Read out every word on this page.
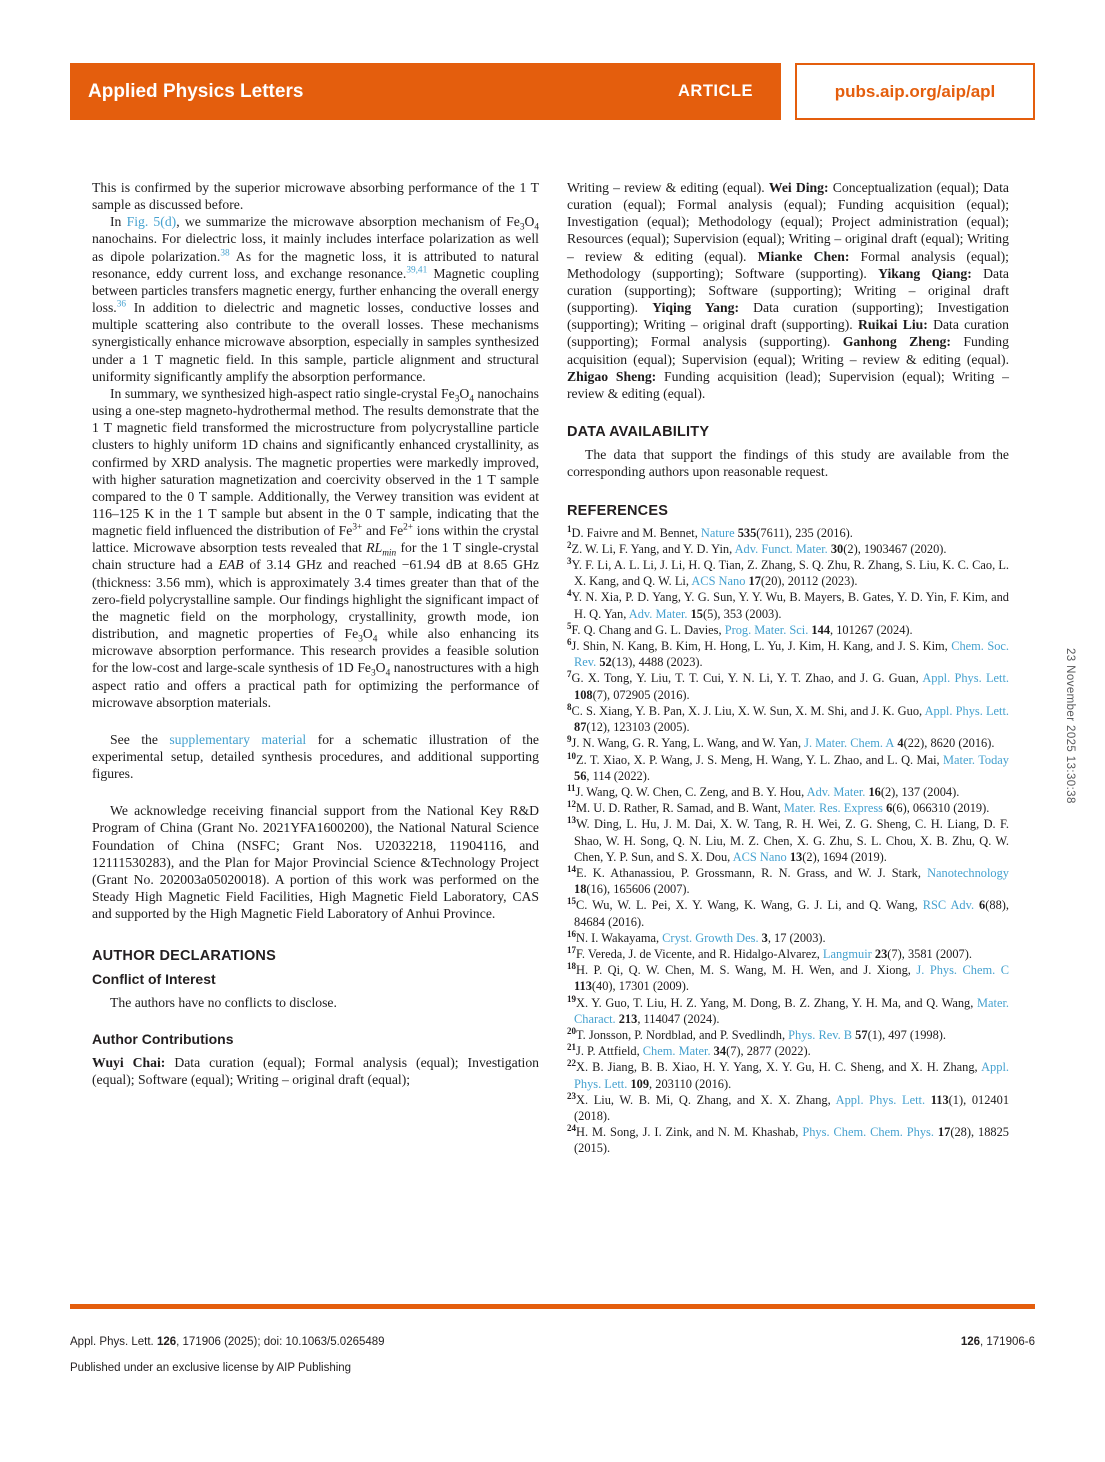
Applied Physics Letters	ARTICLE	pubs.aip.org/aip/apl

This is confirmed by the superior microwave absorbing performance of the 1 T sample as discussed before.

In Fig. 5(d), we summarize the microwave absorption mechanism of $Fe_3O_4$ nanochains. For dielectric loss, it mainly includes interface polarization as well as dipole polarization.$^{38}$ As for the magnetic loss, it is attributed to natural resonance, eddy current loss, and exchange resonance.$^{39,41}$ Magnetic coupling between particles transfers magnetic energy, further enhancing the overall energy loss.$^{36}$ In addition to dielectric and magnetic losses, conductive losses and multiple scattering also contribute to the overall losses. These mechanisms synergistically enhance microwave absorption, especially in samples synthesized under a 1 T magnetic field. In this sample, particle alignment and structural uniformity significantly amplify the absorption performance.

In summary, we synthesized high-aspect ratio single-crystal $Fe_3O_4$ nanochains using a one-step magneto-hydrothermal method. The results demonstrate that the 1 T magnetic field transformed the microstructure from polycrystalline particle clusters to highly uniform 1D chains and significantly enhanced crystallinity, as confirmed by XRD analysis. The magnetic properties were markedly improved, with higher saturation magnetization and coercivity observed in the 1 T sample compared to the 0 T sample. Additionally, the Verwey transition was evident at 116–125 K in the 1 T sample but absent in the 0 T sample, indicating that the magnetic field influenced the distribution of $Fe^{3+}$ and $Fe^{2+}$ ions within the crystal lattice. Microwave absorption tests revealed that $RL_{min}$ for the 1 T single-crystal chain structure had a EAB of 3.14 GHz and reached −61.94 dB at 8.65 GHz (thickness: 3.56 mm), which is approximately 3.4 times greater than that of the zero-field polycrystalline sample. Our findings highlight the significant impact of the magnetic field on the morphology, crystallinity, growth mode, ion distribution, and magnetic properties of $Fe_3O_4$ while also enhancing its microwave absorption performance. This research provides a feasible solution for the low-cost and large-scale synthesis of 1D $Fe_3O_4$ nanostructures with a high aspect ratio and offers a practical path for optimizing the performance of microwave absorption materials.

See the supplementary material for a schematic illustration of the experimental setup, detailed synthesis procedures, and additional supporting figures.

We acknowledge receiving financial support from the National Key R&D Program of China (Grant No. 2021YFA1600200), the National Natural Science Foundation of China (NSFC; Grant Nos. U2032218, 11904116, and 12111530283), and the Plan for Major Provincial Science &Technology Project (Grant No. 202003a05020018). A portion of this work was performed on the Steady High Magnetic Field Facilities, High Magnetic Field Laboratory, CAS and supported by the High Magnetic Field Laboratory of Anhui Province.

AUTHOR DECLARATIONS
Conflict of Interest

The authors have no conflicts to disclose.

Author Contributions

Wuyi Chai: Data curation (equal); Formal analysis (equal); Investigation (equal); Software (equal); Writing – original draft (equal);

Writing – review & editing (equal). Wei Ding: Conceptualization (equal); Data curation (equal); Formal analysis (equal); Funding acquisition (equal); Investigation (equal); Methodology (equal); Project administration (equal); Resources (equal); Supervision (equal); Writing – original draft (equal); Writing – review & editing (equal). Mianke Chen: Formal analysis (equal); Methodology (supporting); Software (supporting). Yikang Qiang: Data curation (supporting); Software (supporting); Writing – original draft (supporting). Yiqing Yang: Data curation (supporting); Investigation (supporting); Writing – original draft (supporting). Ruikai Liu: Data curation (supporting); Formal analysis (supporting). Ganhong Zheng: Funding acquisition (equal); Supervision (equal); Writing – review & editing (equal). Zhigao Sheng: Funding acquisition (lead); Supervision (equal); Writing – review & editing (equal).

DATA AVAILABILITY

The data that support the findings of this study are available from the corresponding authors upon reasonable request.

REFERENCES
$^1$D. Faivre and M. Bennet, Nature 535(7611), 235 (2016).
$^2$Z. W. Li, F. Yang, and Y. D. Yin, Adv. Funct. Mater. 30(2), 1903467 (2020).
$^3$Y. F. Li, A. L. Li, J. Li, H. Q. Tian, Z. Zhang, S. Q. Zhu, R. Zhang, S. Liu, K. C. Cao, L. X. Kang, and Q. W. Li, ACS Nano 17(20), 20112 (2023).
$^4$Y. N. Xia, P. D. Yang, Y. G. Sun, Y. Y. Wu, B. Mayers, B. Gates, Y. D. Yin, F. Kim, and H. Q. Yan, Adv. Mater. 15(5), 353 (2003).
$^5$F. Q. Chang and G. L. Davies, Prog. Mater. Sci. 144, 101267 (2024).
$^6$J. Shin, N. Kang, B. Kim, H. Hong, L. Yu, J. Kim, H. Kang, and J. S. Kim, Chem. Soc. Rev. 52(13), 4488 (2023).
$^7$G. X. Tong, Y. Liu, T. T. Cui, Y. N. Li, Y. T. Zhao, and J. G. Guan, Appl. Phys. Lett. 108(7), 072905 (2016).
$^8$C. S. Xiang, Y. B. Pan, X. J. Liu, X. W. Sun, X. M. Shi, and J. K. Guo, Appl. Phys. Lett. 87(12), 123103 (2005).
$^9$J. N. Wang, G. R. Yang, L. Wang, and W. Yan, J. Mater. Chem. A 4(22), 8620 (2016).
$^{10}$Z. T. Xiao, X. P. Wang, J. S. Meng, H. Wang, Y. L. Zhao, and L. Q. Mai, Mater. Today 56, 114 (2022).
$^{11}$J. Wang, Q. W. Chen, C. Zeng, and B. Y. Hou, Adv. Mater. 16(2), 137 (2004).
$^{12}$M. U. D. Rather, R. Samad, and B. Want, Mater. Res. Express 6(6), 066310 (2019).
$^{13}$W. Ding, L. Hu, J. M. Dai, X. W. Tang, R. H. Wei, Z. G. Sheng, C. H. Liang, D. F. Shao, W. H. Song, Q. N. Liu, M. Z. Chen, X. G. Zhu, S. L. Chou, X. B. Zhu, Q. W. Chen, Y. P. Sun, and S. X. Dou, ACS Nano 13(2), 1694 (2019).
$^{14}$E. K. Athanassiou, P. Grossmann, R. N. Grass, and W. J. Stark, Nanotechnology 18(16), 165606 (2007).
$^{15}$C. Wu, W. L. Pei, X. Y. Wang, K. Wang, G. J. Li, and Q. Wang, RSC Adv. 6(88), 84684 (2016).
$^{16}$N. I. Wakayama, Cryst. Growth Des. 3, 17 (2003).
$^{17}$F. Vereda, J. de Vicente, and R. Hidalgo-Alvarez, Langmuir 23(7), 3581 (2007).
$^{18}$H. P. Qi, Q. W. Chen, M. S. Wang, M. H. Wen, and J. Xiong, J. Phys. Chem. C 113(40), 17301 (2009).
$^{19}$X. Y. Guo, T. Liu, H. Z. Yang, M. Dong, B. Z. Zhang, Y. H. Ma, and Q. Wang, Mater. Charact. 213, 114047 (2024).
$^{20}$T. Jonsson, P. Nordblad, and P. Svedlindh, Phys. Rev. B 57(1), 497 (1998).
$^{21}$J. P. Attfield, Chem. Mater. 34(7), 2877 (2022).
$^{22}$X. B. Jiang, B. B. Xiao, H. Y. Yang, X. Y. Gu, H. C. Sheng, and X. H. Zhang, Appl. Phys. Lett. 109, 203110 (2016).
$^{23}$X. Liu, W. B. Mi, Q. Zhang, and X. X. Zhang, Appl. Phys. Lett. 113(1), 012401 (2018).
$^{24}$H. M. Song, J. I. Zink, and N. M. Khashab, Phys. Chem. Chem. Phys. 17(28), 18825 (2015).
23 November 2025 13:30:38
Appl. Phys. Lett. 126, 171906 (2025); doi: 10.1063/5.0265489	126, 171906-6
Published under an exclusive license by AIP Publishing
